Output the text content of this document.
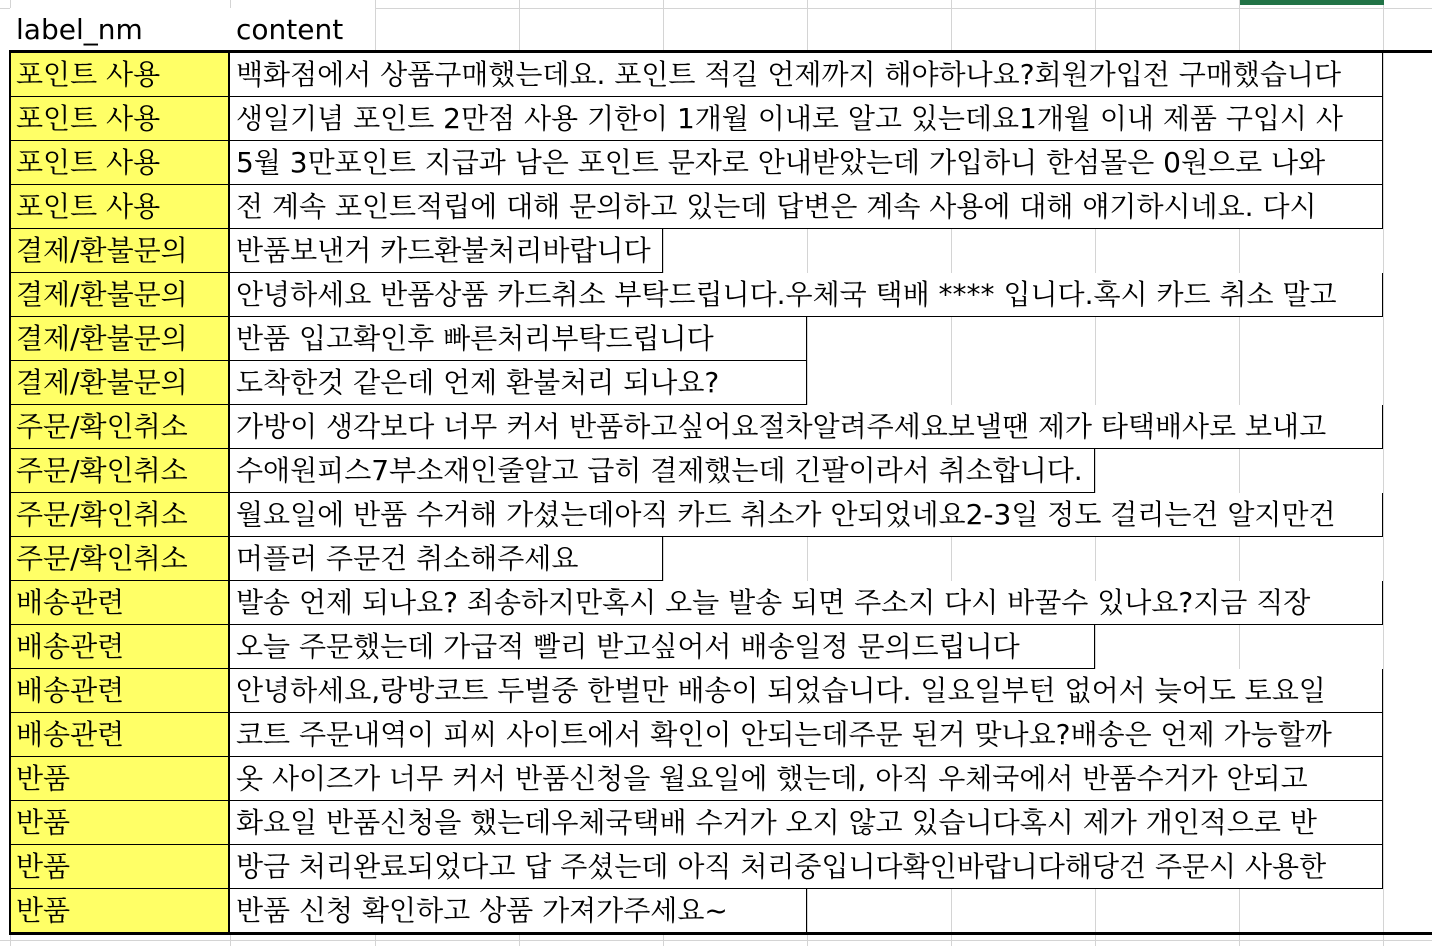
label_nm	content
포인트 사용	백화점에서 상품구매했는데요. 포인트 적길 언제까지 해야하나요?회원가입전 구매했습니다
포인트 사용	생일기념 포인트 2만점 사용 기한이 1개월 이내로 알고 있는데요1개월 이내 제품 구입시 사
포인트 사용	5월 3만포인트 지급과 남은 포인트 문자로 안내받았는데 가입하니 한섬몰은 0원으로 나와
포인트 사용	전 계속 포인트적립에 대해 문의하고 있는데 답변은 계속 사용에 대해 얘기하시네요. 다시
결제/환불문의	반품보낸거 카드환불처리바랍니다
결제/환불문의	안녕하세요 반품상품 카드취소 부탁드립니다.우체국 택배 **** 입니다.혹시 카드 취소 말고
결제/환불문의	반품 입고확인후 빠른처리부탁드립니다
결제/환불문의	도착한것 같은데 언제 환불처리 되나요?
주문/확인취소	가방이 생각보다 너무 커서 반품하고싶어요절차알려주세요보낼땐 제가 타택배사로 보내고
주문/확인취소	수애원피스7부소재인줄알고 급히 결제했는데 긴팔이라서 취소합니다.
주문/확인취소	월요일에 반품 수거해 가셨는데아직 카드 취소가 안되었네요2-3일 정도 걸리는건 알지만건
주문/확인취소	머플러 주문건 취소해주세요
배송관련	발송 언제 되나요? 죄송하지만혹시 오늘 발송 되면 주소지 다시 바꿀수 있나요?지금 직장
배송관련	오늘 주문했는데 가급적 빨리 받고싶어서 배송일정 문의드립니다
배송관련	안녕하세요,랑방코트 두벌중 한벌만 배송이 되었습니다. 일요일부턴 없어서 늦어도 토요일
배송관련	코트 주문내역이 피씨 사이트에서 확인이 안되는데주문 된거 맞나요?배송은 언제 가능할까
반품	옷 사이즈가 너무 커서 반품신청을 월요일에 했는데, 아직 우체국에서 반품수거가 안되고
반품	화요일 반품신청을 했는데우체국택배 수거가 오지 않고 있습니다혹시 제가 개인적으로 반
반품	방금 처리완료되었다고 답 주셨는데 아직 처리중입니다확인바랍니다해당건 주문시 사용한
반품	반품 신청 확인하고 상품 가져가주세요~
